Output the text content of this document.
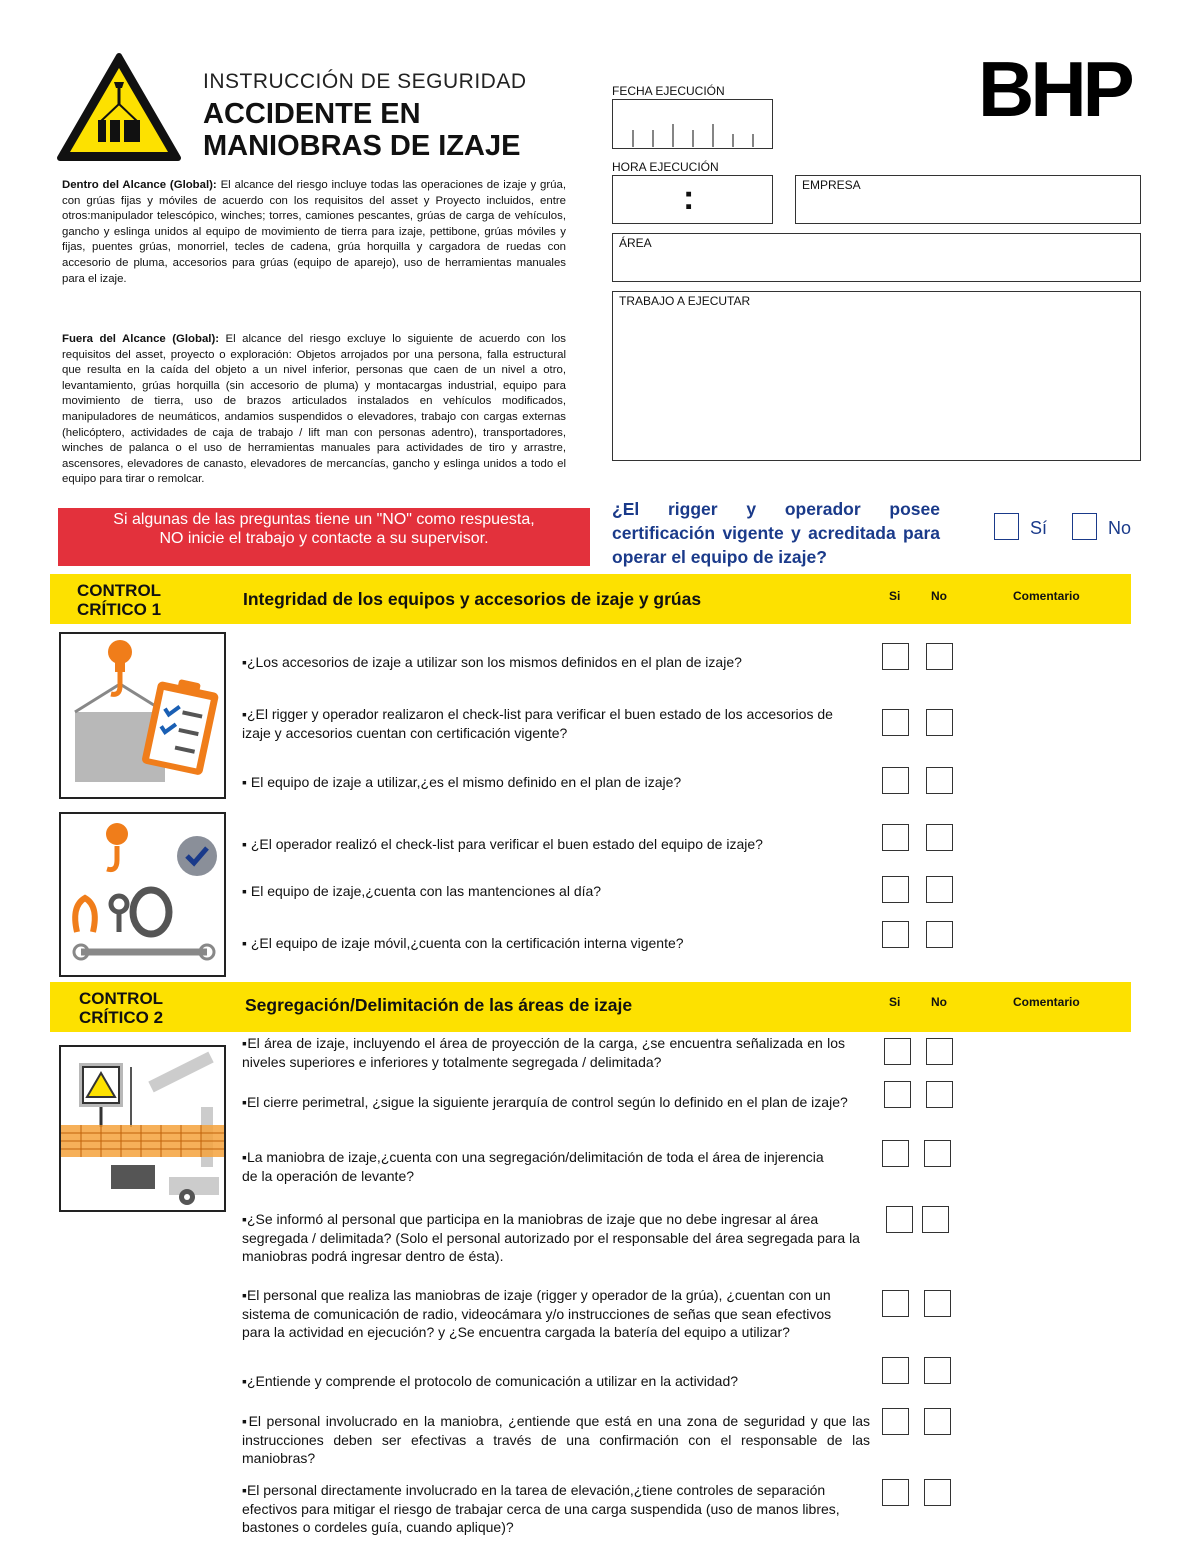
INSTRUCCIÓN DE SEGURIDAD
ACCIDENTE EN
MANIOBRAS DE IZAJE
BHP
Dentro del Alcance (Global): El alcance del riesgo incluye todas las operaciones de izaje y grúa, con grúas fijas y móviles de acuerdo con los requisitos del asset y Proyecto incluidos, entre otros:manipulador telescópico, winches; torres, camiones pescantes, grúas de carga de vehículos, gancho y eslinga unidos al equipo de movimiento de tierra para izaje, pettibone, grúas móviles y fijas, puentes grúas, monorriel, tecles de cadena, grúa horquilla y cargadora de ruedas con accesorio de pluma, accesorios para grúas (equipo de aparejo), uso de herramientas manuales para el izaje.
Fuera del Alcance (Global): El alcance del riesgo excluye lo siguiente de acuerdo con los requisitos del asset, proyecto o exploración: Objetos arrojados por una persona, falla estructural que resulta en la caída del objeto a un nivel inferior, personas que caen de un nivel a otro, levantamiento, grúas horquilla (sin accesorio de pluma) y montacargas industrial, equipo para movimiento de tierra, uso de brazos articulados instalados en vehículos modificados, manipuladores de neumáticos, andamios suspendidos o elevadores, trabajo con cargas externas (helicóptero, actividades de caja de trabajo / lift man con personas adentro), transportadores, winches de palanca o el uso de herramientas manuales para actividades de tiro y arrastre, ascensores, elevadores de canasto, elevadores de mercancías, gancho y eslinga unidos a todo el equipo para tirar o remolcar.
Si algunas de las preguntas tiene un "NO" como respuesta,
NO inicie el trabajo y contacte a su supervisor.
FECHA EJECUCIÓN
HORA EJECUCIÓN
:	EMPRESA
ÁREA
TRABAJO A EJECUTAR
¿El rigger y operador posee certificación vigente y acreditada para operar el equipo de izaje?
Sí	No
CONTROL
CRÍTICO 1
Integridad de los equipos y accesorios de izaje y grúas	Si	No	Comentario
▪¿Los accesorios de izaje a utilizar son los mismos definidos en el plan de izaje?
▪¿El rigger y operador realizaron el check-list para verificar el buen estado de los accesorios de izaje y accesorios cuentan con certificación vigente?
▪ El equipo de izaje a utilizar,¿es el mismo definido en el plan de izaje?
▪ ¿El operador realizó el check-list para verificar el buen estado del equipo de izaje?
▪ El equipo de izaje,¿cuenta con las mantenciones al día?
▪ ¿El equipo de izaje móvil,¿cuenta con la certificación interna vigente?
CONTROL
CRÍTICO 2
Segregación/Delimitación de las áreas de izaje	Si	No	Comentario
▪El área de izaje, incluyendo el área de proyección de la carga, ¿se encuentra señalizada en los niveles superiores e inferiores y totalmente segregada / delimitada?
▪El cierre perimetral, ¿sigue la siguiente jerarquía de control según lo definido en el plan de izaje?
▪La maniobra de izaje,¿cuenta con una segregación/delimitación de toda el área de injerencia de la operación de levante?
▪¿Se informó al personal que participa en la maniobras de izaje que no debe ingresar al área segregada / delimitada? (Solo el personal autorizado por el responsable del área segregada para la maniobras podrá ingresar dentro de ésta).
▪El personal que realiza las maniobras de izaje (rigger y operador de la grúa), ¿cuentan con un sistema de comunicación de radio, videocámara y/o instrucciones de señas que sean efectivos para la actividad en ejecución? y ¿Se encuentra cargada la batería del equipo a utilizar?
▪¿Entiende y comprende el protocolo de comunicación a utilizar en la actividad?
▪El personal involucrado en la maniobra, ¿entiende que está en una zona de seguridad y que las instrucciones deben ser efectivas a través de una confirmación con el responsable de las maniobras?
▪El personal directamente involucrado en la tarea de elevación,¿tiene controles de separación efectivos para mitigar el riesgo de trabajar cerca de una carga suspendida (uso de manos libres, bastones o cordeles guía, cuando aplique)?
